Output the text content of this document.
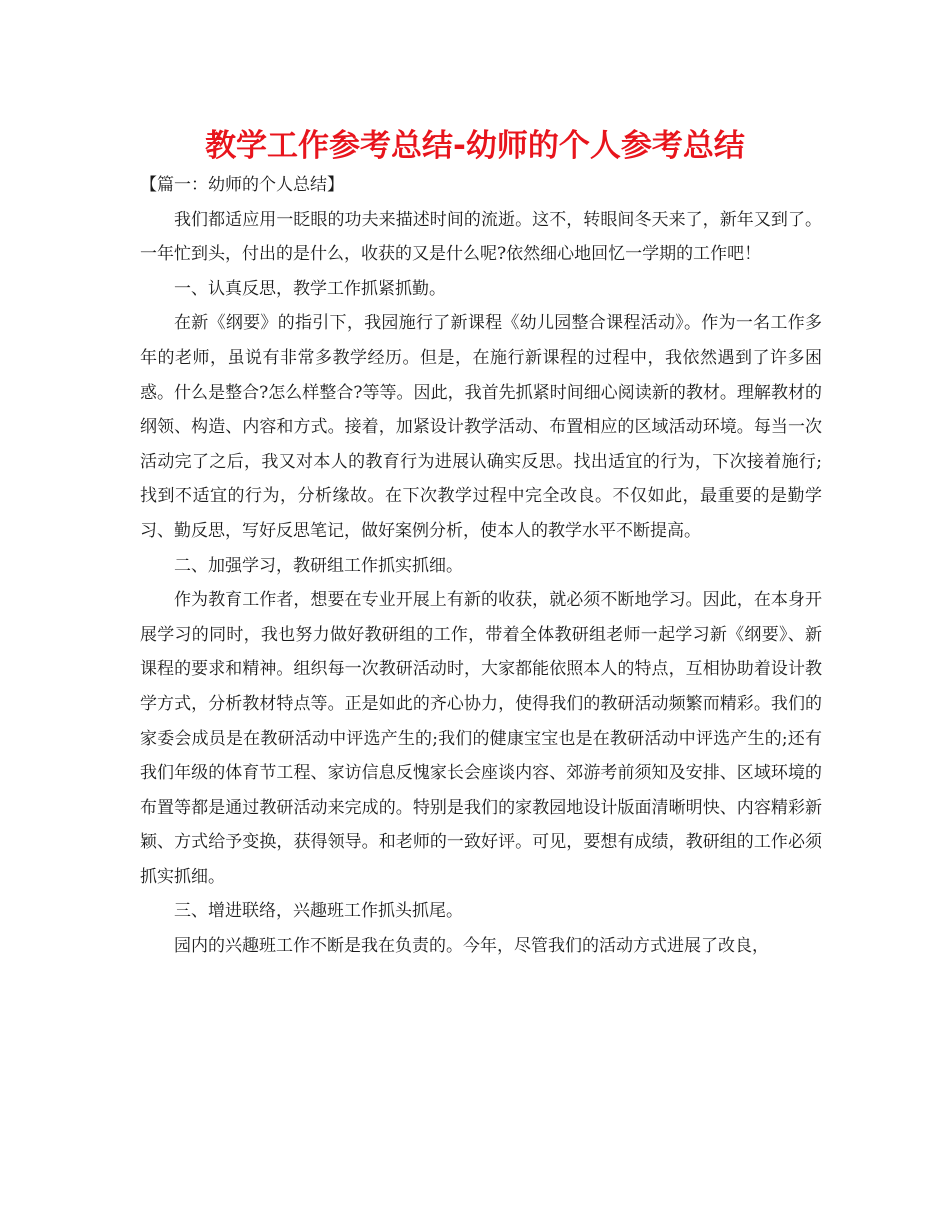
教学工作参考总结-幼师的个人参考总结

【篇一：幼师的个人总结】

我们都适应用一眨眼的功夫来描述时间的流逝。这不，转眼间冬天来了，新年又到了。一年忙到头，付出的是什么，收获的又是什么呢?依然细心地回忆一学期的工作吧！

一、认真反思，教学工作抓紧抓勤。

在新《纲要》的指引下，我园施行了新课程《幼儿园整合课程活动》。作为一名工作多年的老师，虽说有非常多教学经历。但是，在施行新课程的过程中，我依然遇到了许多困惑。什么是整合?怎么样整合?等等。因此，我首先抓紧时间细心阅读新的教材。理解教材的纲领、构造、内容和方式。接着，加紧设计教学活动、布置相应的区域活动环境。每当一次活动完了之后，我又对本人的教育行为进展认确实反思。找出适宜的行为，下次接着施行;找到不适宜的行为，分析缘故。在下次教学过程中完全改良。不仅如此，最重要的是勤学习、勤反思，写好反思笔记，做好案例分析，使本人的教学水平不断提高。

二、加强学习，教研组工作抓实抓细。

作为教育工作者，想要在专业开展上有新的收获，就必须不断地学习。因此，在本身开展学习的同时，我也努力做好教研组的工作，带着全体教研组老师一起学习新《纲要》、新课程的要求和精神。组织每一次教研活动时，大家都能依照本人的特点，互相协助着设计教学方式，分析教材特点等。正是如此的齐心协力，使得我们的教研活动频繁而精彩。我们的家委会成员是在教研活动中评选产生的;我们的健康宝宝也是在教研活动中评选产生的;还有我们年级的体育节工程、家访信息反愧家长会座谈内容、郊游考前须知及安排、区域环境的布置等都是通过教研活动来完成的。特别是我们的家教园地设计版面清晰明快、内容精彩新颖、方式给予变换，获得领导。和老师的一致好评。可见，要想有成绩，教研组的工作必须抓实抓细。

三、增进联络，兴趣班工作抓头抓尾。

园内的兴趣班工作不断是我在负责的。今年，尽管我们的活动方式进展了改良，
